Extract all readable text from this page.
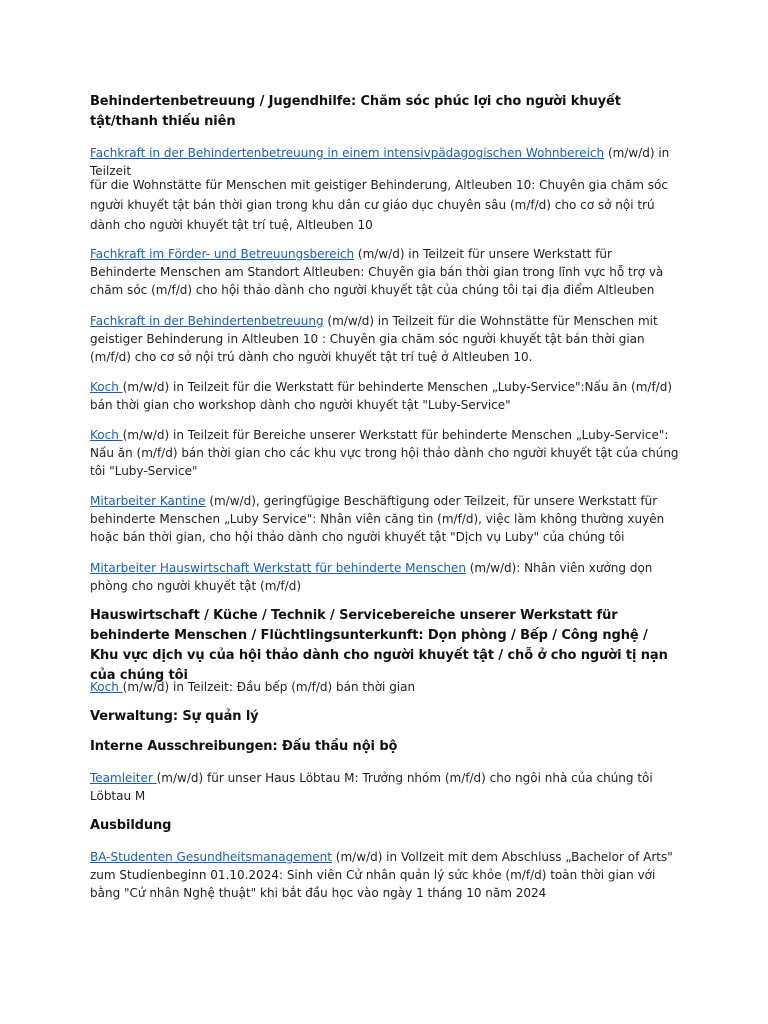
Behindertenbetreuung / Jugendhilfe: Chăm sóc phúc lợi cho người khuyết tật/thanh thiếu niên

Fachkraft in der Behindertenbetreuung in einem intensivpädagogischen Wohnbereich (m/w/d) in Teilzeit

für die Wohnstätte für Menschen mit geistiger Behinderung, Altleuben 10: Chuyên gia chăm sóc người khuyết tật bán thời gian trong khu dân cư giáo dục chuyên sâu (m/f/d) cho cơ sở nội trú dành cho người khuyết tật trí tuệ, Altleuben 10

Fachkraft im Förder- und Betreuungsbereich (m/w/d) in Teilzeit für unsere Werkstatt für Behinderte Menschen am Standort Altleuben: Chuyên gia bán thời gian trong lĩnh vực hỗ trợ và chăm sóc (m/f/d) cho hội thảo dành cho người khuyết tật của chúng tôi tại địa điểm Altleuben

Fachkraft in der Behindertenbetreuung (m/w/d) in Teilzeit für die Wohnstätte für Menschen mit geistiger Behinderung in Altleuben 10 : Chuyên gia chăm sóc người khuyết tật bán thời gian (m/f/d) cho cơ sở nội trú dành cho người khuyết tật trí tuệ ở Altleuben 10.

Koch (m/w/d) in Teilzeit für die Werkstatt für behinderte Menschen „Luby-Service":Nấu ăn (m/f/d) bán thời gian cho workshop dành cho người khuyết tật "Luby-Service"

Koch (m/w/d) in Teilzeit für Bereiche unserer Werkstatt für behinderte Menschen „Luby-Service": Nấu ăn (m/f/d) bán thời gian cho các khu vực trong hội thảo dành cho người khuyết tật của chúng tôi "Luby-Service"

Mitarbeiter Kantine (m/w/d), geringfügige Beschäftigung oder Teilzeit, für unsere Werkstatt für behinderte Menschen „Luby Service": Nhân viên căng tin (m/f/d), việc làm không thường xuyên hoặc bán thời gian, cho hội thảo dành cho người khuyết tật "Dịch vụ Luby" của chúng tôi

Mitarbeiter Hauswirtschaft Werkstatt für behinderte Menschen (m/w/d): Nhân viên xưởng dọn phòng cho người khuyết tật (m/f/d)

Hauswirtschaft / Küche / Technik / Servicebereiche unserer Werkstatt für behinderte Menschen / Flüchtlingsunterkunft: Dọn phòng / Bếp / Công nghệ / Khu vực dịch vụ của hội thảo dành cho người khuyết tật / chỗ ở cho người tị nạn của chúng tôi

Koch (m/w/d) in Teilzeit: Đầu bếp (m/f/d) bán thời gian

Verwaltung: Sự quản lý
Interne Ausschreibungen: Đấu thầu nội bộ

Teamleiter (m/w/d) für unser Haus Löbtau M: Trưởng nhóm (m/f/d) cho ngôi nhà của chúng tôi Löbtau M

Ausbildung

BA-Studenten Gesundheitsmanagement (m/w/d) in Vollzeit mit dem Abschluss „Bachelor of Arts" zum Studienbeginn 01.10.2024: Sinh viên Cử nhân quản lý sức khỏe (m/f/d) toàn thời gian với bằng "Cử nhân Nghệ thuật" khi bắt đầu học vào ngày 1 tháng 10 năm 2024
